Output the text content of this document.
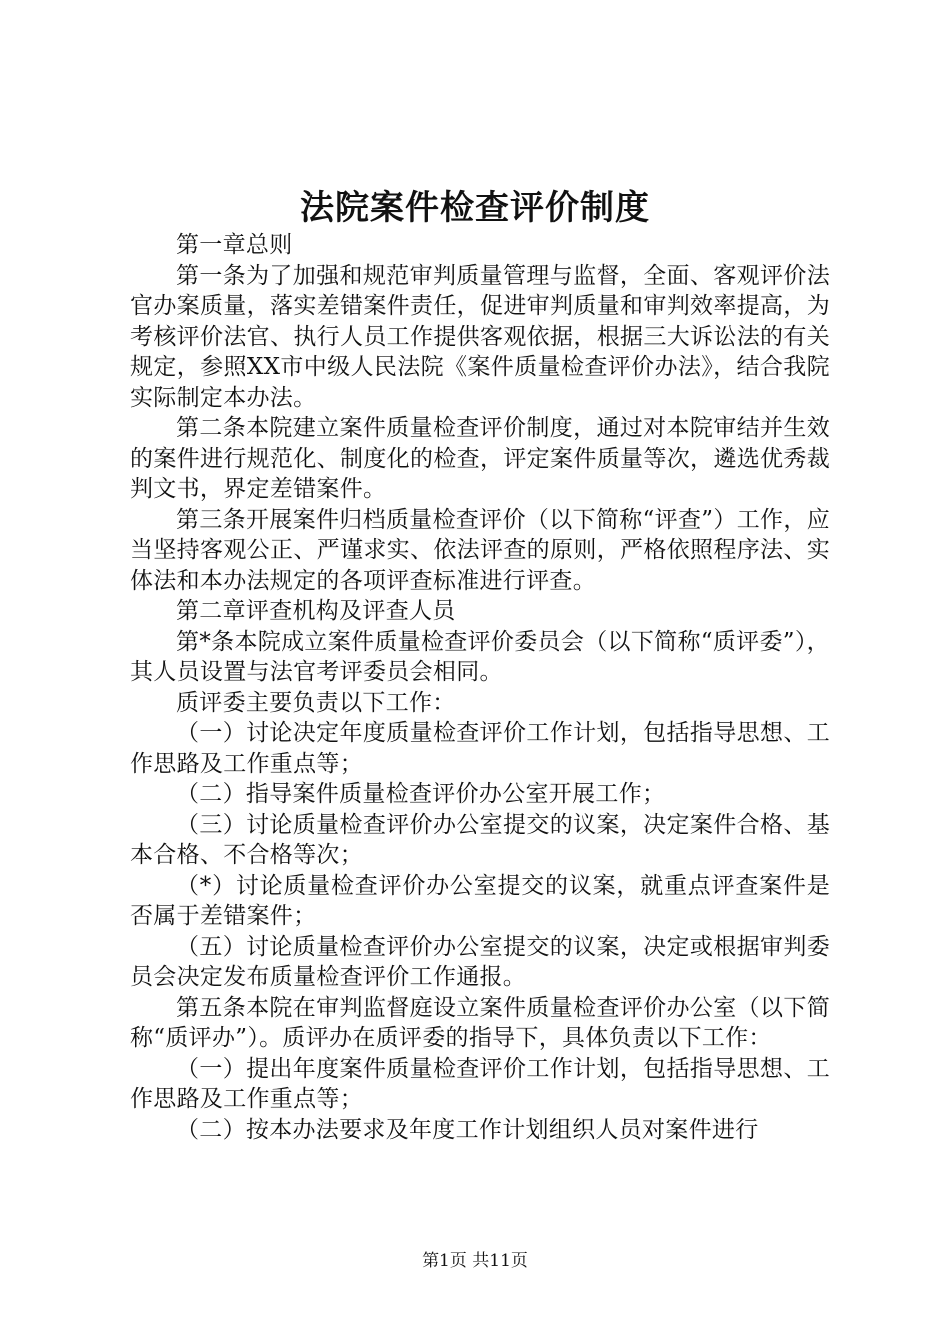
法院案件检查评价制度

第一章总则

第一条为了加强和规范审判质量管理与监督，全面、客观评价法官办案质量，落实差错案件责任，促进审判质量和审判效率提高，为考核评价法官、执行人员工作提供客观依据，根据三大诉讼法的有关规定，参照XX市中级人民法院《案件质量检查评价办法》，结合我院实际制定本办法。

第二条本院建立案件质量检查评价制度，通过对本院审结并生效的案件进行规范化、制度化的检查，评定案件质量等次，遴选优秀裁判文书，界定差错案件。

第三条开展案件归档质量检查评价（以下简称“评查”）工作，应当坚持客观公正、严谨求实、依法评查的原则，严格依照程序法、实体法和本办法规定的各项评查标准进行评查。

第二章评查机构及评查人员

第*条本院成立案件质量检查评价委员会（以下简称“质评委”），其人员设置与法官考评委员会相同。

质评委主要负责以下工作：

（一）讨论决定年度质量检查评价工作计划，包括指导思想、工作思路及工作重点等；

（二）指导案件质量检查评价办公室开展工作；

（三）讨论质量检查评价办公室提交的议案，决定案件合格、基本合格、不合格等次；

（*）讨论质量检查评价办公室提交的议案，就重点评查案件是否属于差错案件；

（五）讨论质量检查评价办公室提交的议案，决定或根据审判委员会决定发布质量检查评价工作通报。

第五条本院在审判监督庭设立案件质量检查评价办公室（以下简称“质评办”）。质评办在质评委的指导下，具体负责以下工作：

（一）提出年度案件质量检查评价工作计划，包括指导思想、工作思路及工作重点等；

（二）按本办法要求及年度工作计划组织人员对案件进行

第1页 共11页
